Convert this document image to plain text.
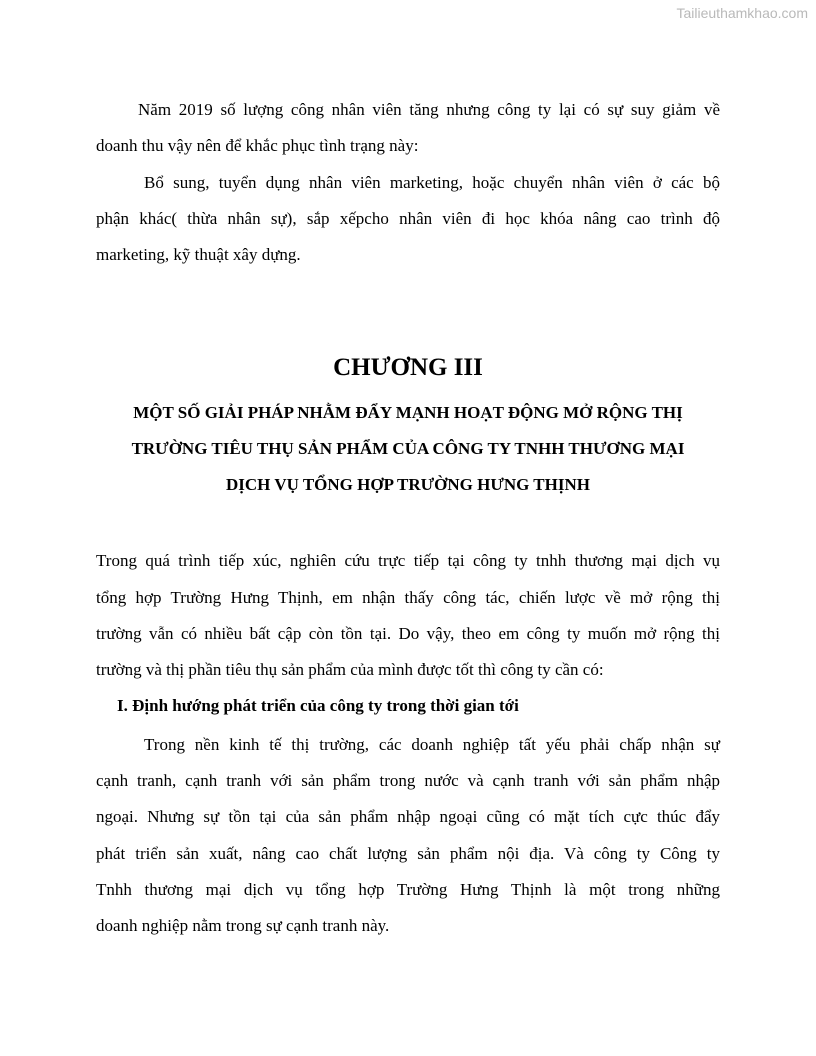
Tailieuthamkhao.com

Năm 2019 số lượng công nhân viên tăng nhưng công ty lại có sự suy giảm về

doanh thu vậy nên để khắc phục tình trạng này:

Bổ sung, tuyển dụng nhân viên marketing, hoặc chuyển nhân viên ở các bộ

phận khác( thừa nhân sự), sắp xếpcho nhân viên đi học khóa nâng cao trình độ

marketing, kỹ thuật xây dựng.

CHƯƠNG III
MỘT SỐ GIẢI PHÁP NHẰM ĐẨY MẠNH HOẠT ĐỘNG MỞ RỘNG THỊ
TRƯỜNG TIÊU THỤ SẢN PHẨM CỦA CÔNG TY TNHH THƯƠNG MẠI
DỊCH VỤ TỔNG HỢP TRƯỜNG HƯNG THỊNH

Trong quá trình tiếp xúc, nghiên cứu trực tiếp tại công ty tnhh thương mại dịch vụ

tổng hợp Trường Hưng Thịnh, em nhận thấy công tác, chiến lược về mở rộng thị

trường vẫn có nhiều bất cập còn tồn tại. Do vậy, theo em công ty muốn mở rộng thị

trường và thị phần tiêu thụ sản phẩm của mình được tốt thì công ty cần có:

I. Định hướng phát triển của công ty trong thời gian tới

Trong nền kinh tế thị trường, các doanh nghiệp tất yếu phải chấp nhận sự

cạnh tranh, cạnh tranh với sản phẩm trong nước và cạnh tranh với sản phẩm nhập

ngoại. Nhưng sự tồn tại của sản phẩm nhập ngoại cũng có mặt tích cực thúc đẩy

phát triển sản xuất, nâng cao chất lượng sản phẩm nội địa. Và công ty Công ty

Tnhh thương mại dịch vụ tổng hợp Trường Hưng Thịnh là một trong những

doanh nghiệp nằm trong sự cạnh tranh này.
